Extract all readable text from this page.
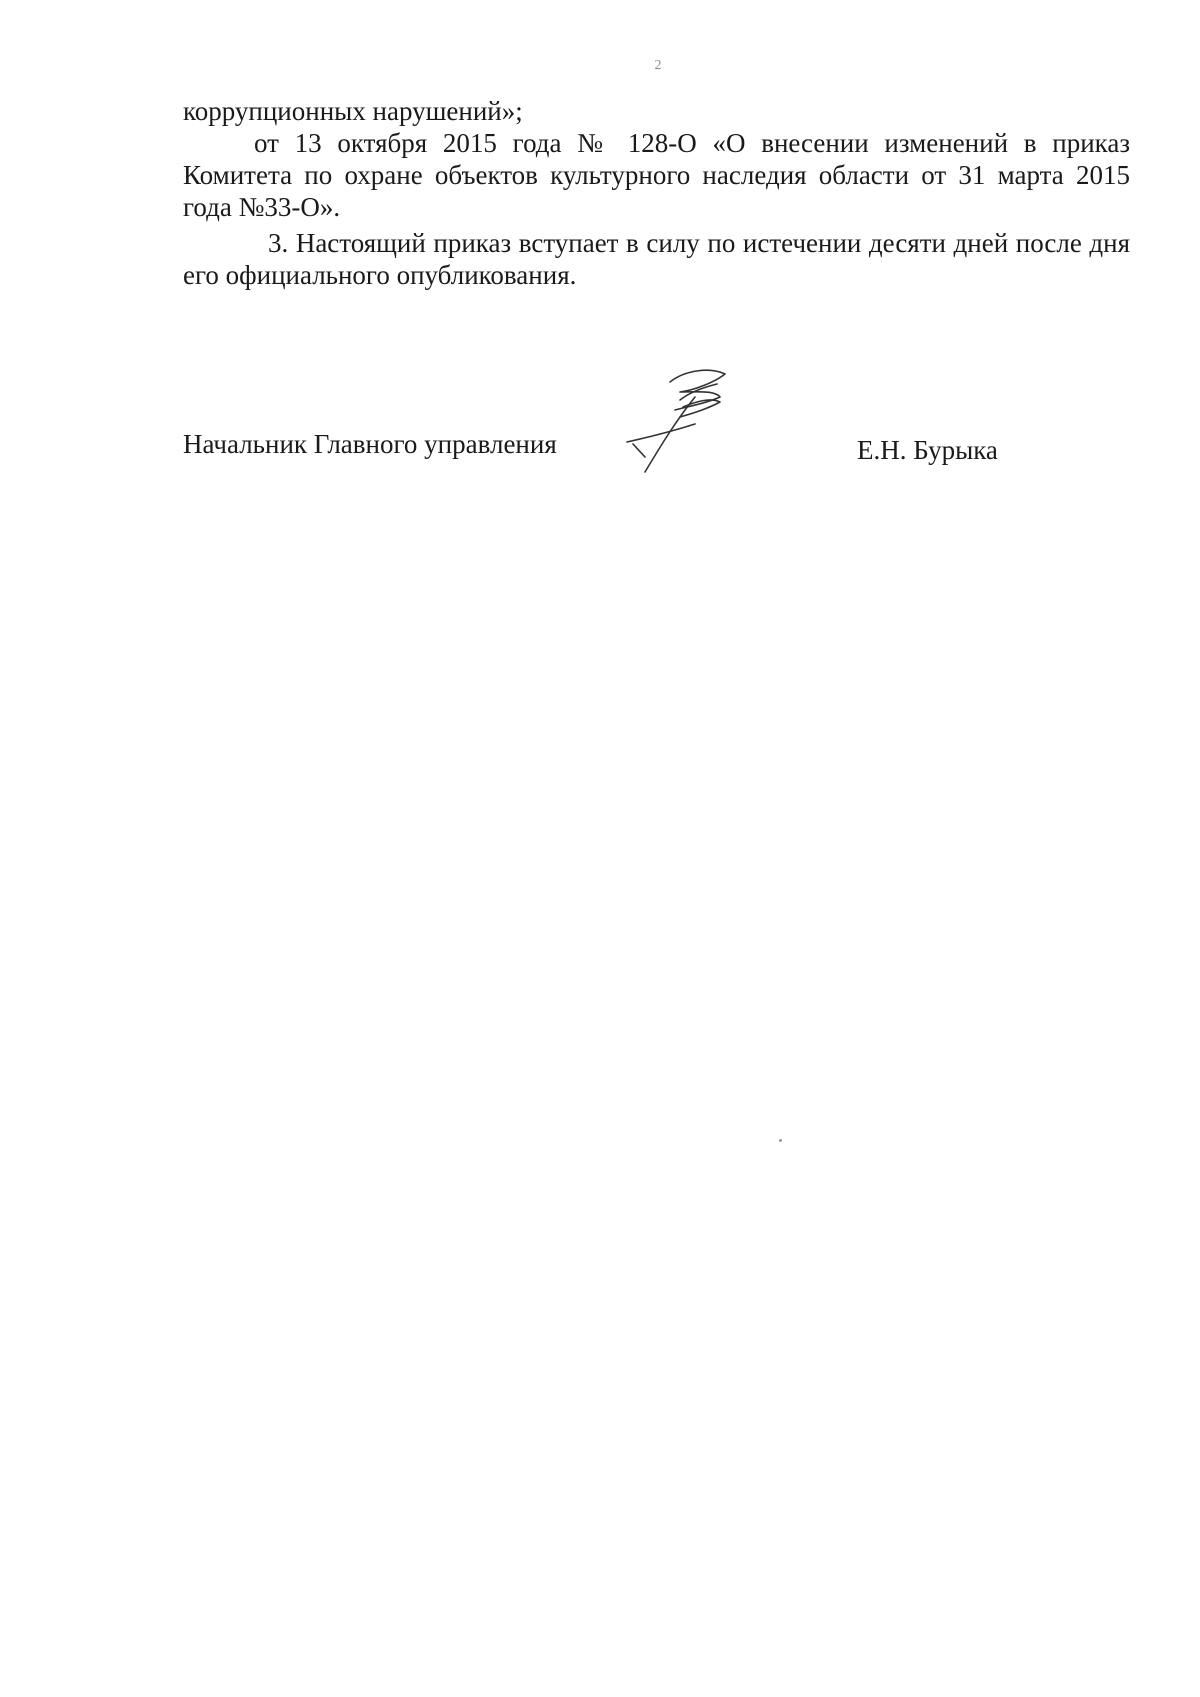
2

коррупционных нарушений»;

от 13 октября 2015 года № 128-О «О внесении изменений в приказ Комитета по охране объектов культурного наследия области от 31 марта 2015 года №33-О».

3. Настоящий приказ вступает в силу по истечении десяти дней после дня его официального опубликования.

Начальник Главного управления	Е.Н. Бурыка
